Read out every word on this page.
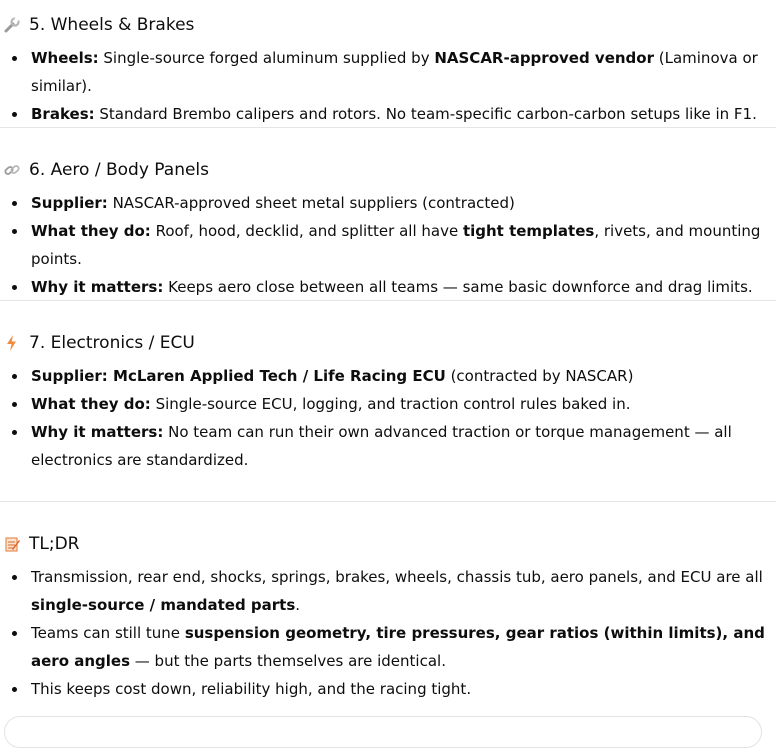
5. Wheels & Brakes
Wheels: Single-source forged aluminum supplied by NASCAR-approved vendor (Laminova or similar).
Brakes: Standard Brembo calipers and rotors. No team-specific carbon-carbon setups like in F1.
6. Aero / Body Panels
Supplier: NASCAR-approved sheet metal suppliers (contracted)
What they do: Roof, hood, decklid, and splitter all have tight templates, rivets, and mounting points.
Why it matters: Keeps aero close between all teams — same basic downforce and drag limits.
7. Electronics / ECU
Supplier: McLaren Applied Tech / Life Racing ECU (contracted by NASCAR)
What they do: Single-source ECU, logging, and traction control rules baked in.
Why it matters: No team can run their own advanced traction or torque management — all electronics are standardized.
TL;DR
Transmission, rear end, shocks, springs, brakes, wheels, chassis tub, aero panels, and ECU are all single-source / mandated parts.
Teams can still tune suspension geometry, tire pressures, gear ratios (within limits), and aero angles — but the parts themselves are identical.
This keeps cost down, reliability high, and the racing tight.
